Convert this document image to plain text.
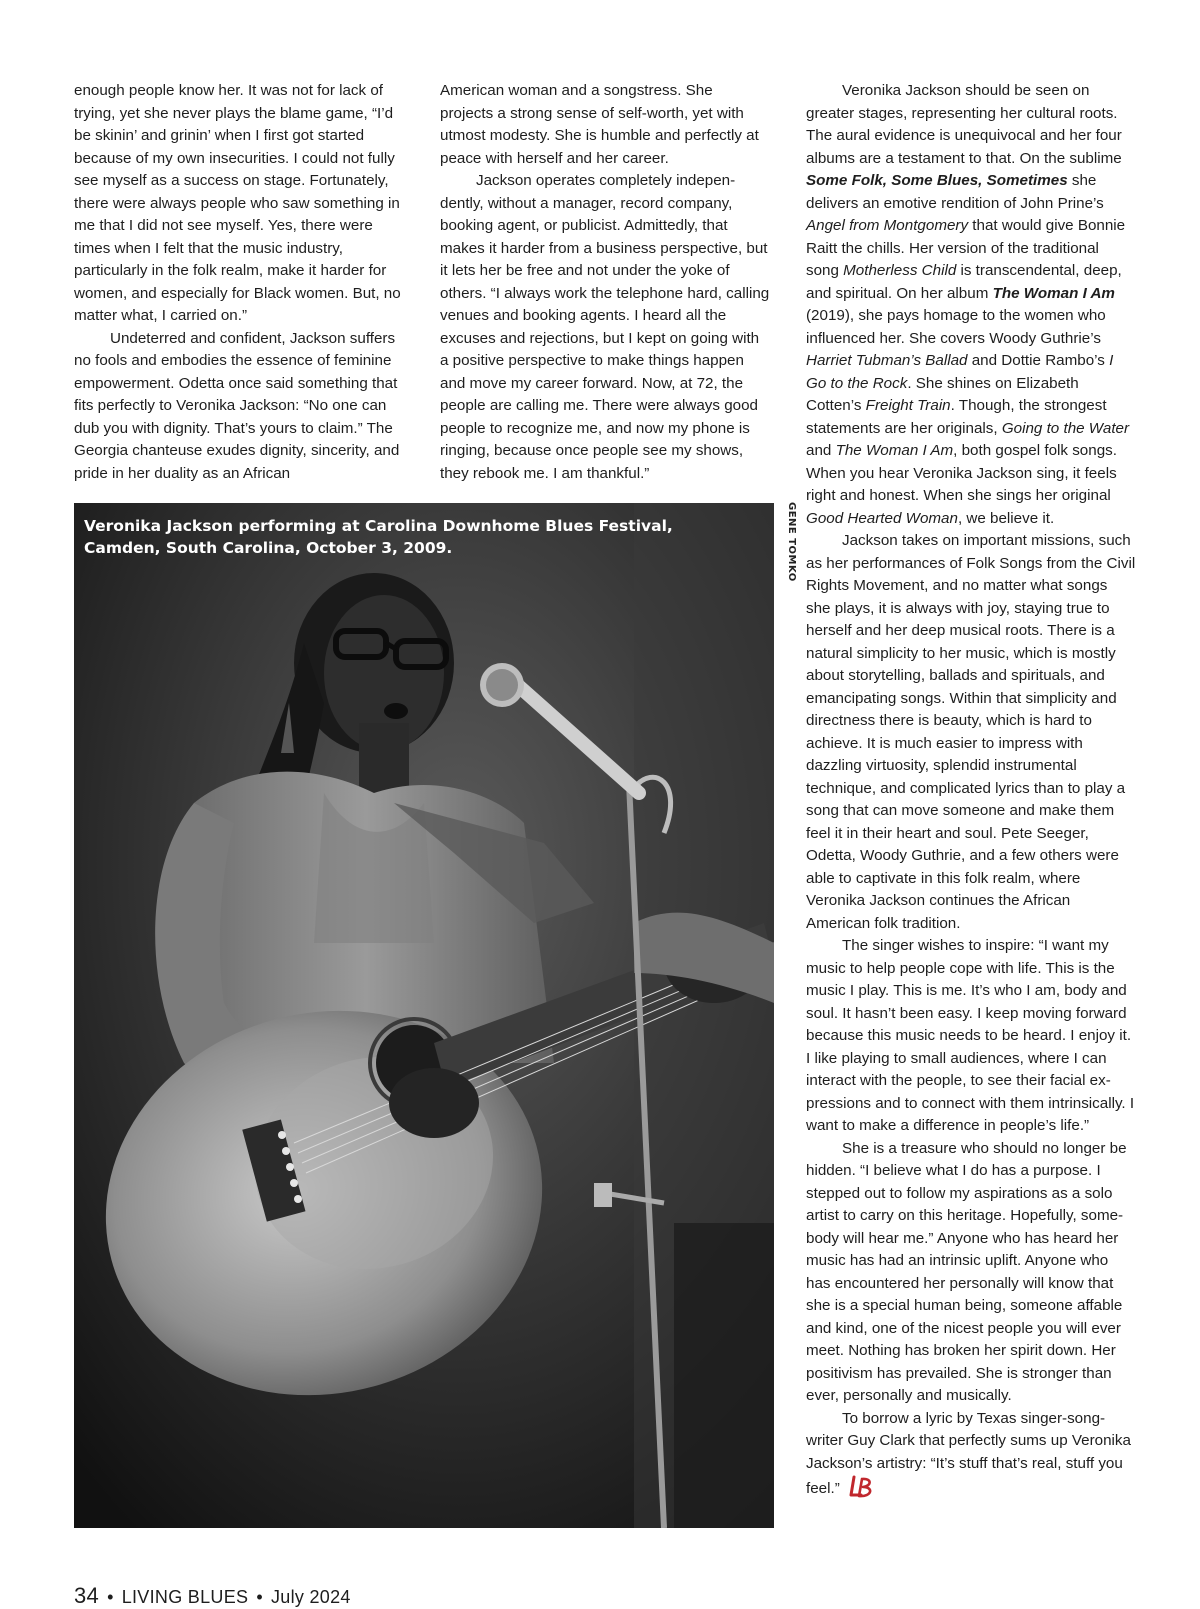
enough people know her. It was not for lack of trying, yet she never plays the blame game, “I’d be skinin’ and grinin’ when I first got started because of my own insecurities. I could not fully see myself as a success on stage. Fortunately, there were always people who saw something in me that I did not see myself. Yes, there were times when I felt that the music industry, particularly in the folk realm, make it harder for women, and especially for Black women. But, no matter what, I carried on.”

Undeterred and confident, Jackson suffers no fools and embodies the essence of feminine empowerment. Odetta once said something that fits perfectly to Veronika Jackson: “No one can dub you with dignity. That’s yours to claim.” The Georgia chanteuse exudes dignity, sincerity, and pride in her duality as an African

American woman and a songstress. She projects a strong sense of self-worth, yet with utmost modesty. She is humble and perfectly at peace with herself and her career.

Jackson operates completely independently, without a manager, record company, booking agent, or publicist. Admittedly, that makes it harder from a business perspective, but it lets her be free and not under the yoke of others. “I always work the telephone hard, calling venues and booking agents. I heard all the excuses and rejections, but I kept on going with a positive perspective to make things happen and move my career forward. Now, at 72, the people are calling me. There were always good people to recognize me, and now my phone is ringing, because once people see my shows, they rebook me. I am thankful.”

Veronika Jackson should be seen on greater stages, representing her cultural roots. The aural evidence is unequivocal and her four albums are a testament to that. On the sublime Some Folk, Some Blues, Sometimes she delivers an emotive rendition of John Prine’s Angel from Montgomery that would give Bonnie Raitt the chills. Her version of the traditional song Motherless Child is transcendental, deep, and spiritual. On her album The Woman I Am (2019), she pays homage to the women who influenced her. She covers Woody Guthrie’s Harriet Tubman’s Ballad and Dottie Rambo’s I Go to the Rock. She shines on Elizabeth Cotten’s Freight Train. Though, the strongest statements are her originals, Going to the Water and The Woman I Am, both gospel folk songs. When you hear Veronika Jackson sing, it feels right and honest. When she sings her original Good Hearted Woman, we believe it.

Jackson takes on important missions, such as her performances of Folk Songs from the Civil Rights Movement, and no matter what songs she plays, it is always with joy, staying true to herself and her deep musical roots. There is a natural simplicity to her music, which is mostly about storytelling, ballads and spirituals, and emancipating songs. Within that simplicity and directness there is beauty, which is hard to achieve. It is much easier to impress with dazzling virtuosity, splendid instrumental technique, and complicated lyrics than to play a song that can move someone and make them feel it in their heart and soul. Pete Seeger, Odetta, Woody Guthrie, and a few others were able to captivate in this folk realm, where Veronika Jackson continues the African American folk tradition.

The singer wishes to inspire: “I want my music to help people cope with life. This is the music I play. This is me. It’s who I am, body and soul. It hasn’t been easy. I keep moving forward because this music needs to be heard. I enjoy it. I like playing to small audiences, where I can interact with the people, to see their facial expressions and to connect with them intrinsically. I want to make a difference in people’s life.”

She is a treasure who should no longer be hidden. “I believe what I do has a purpose. I stepped out to follow my aspirations as a solo artist to carry on this heritage. Hopefully, somebody will hear me.” Anyone who has heard her music has had an intrinsic uplift. Anyone who has encountered her personally will know that she is a special human being, someone affable and kind, one of the nicest people you will ever meet. Nothing has broken her spirit down. Her positivism has prevailed. She is stronger than ever, personally and musically.

To borrow a lyric by Texas singer-songwriter Guy Clark that perfectly sums up Veronika Jackson’s artistry: “It’s stuff that’s real, stuff you feel.”

Veronika Jackson performing at Carolina Downhome Blues Festival,
Camden, South Carolina, October 3, 2009.	GENE TOMKO
34 • LIVING BLUES • July 2024
